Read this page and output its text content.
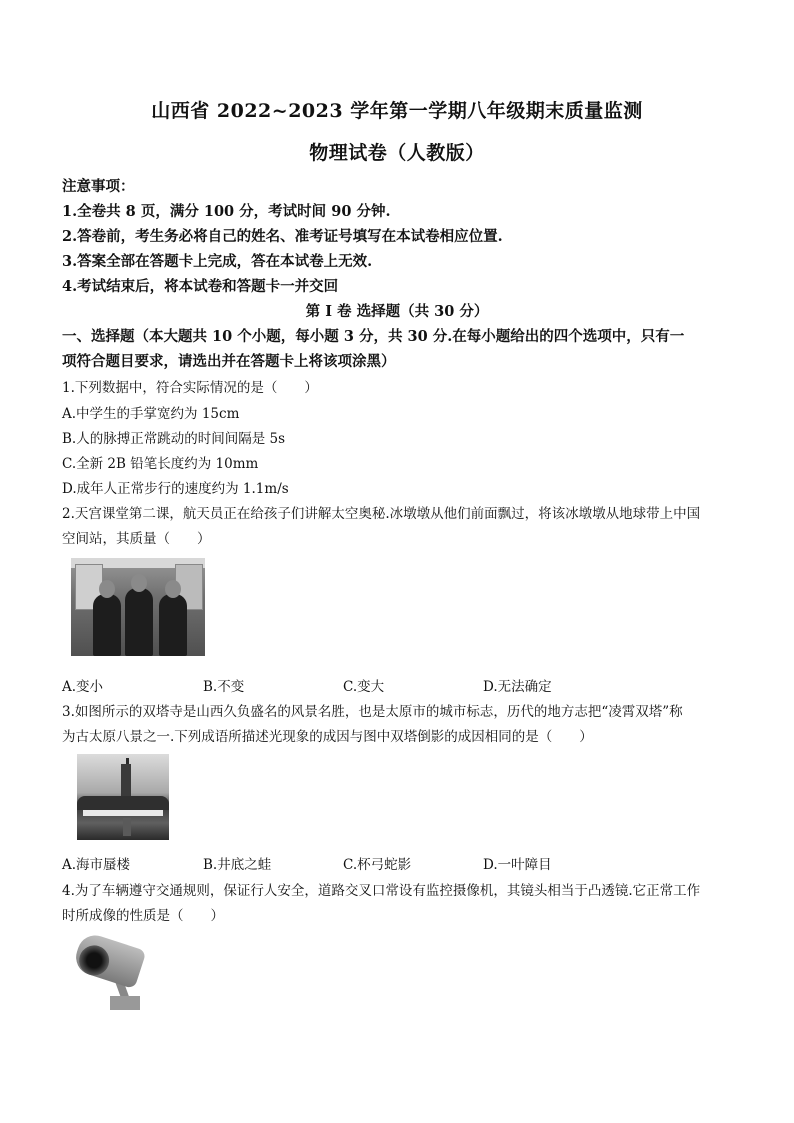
山西省 2022~2023 学年第一学期八年级期末质量监测
物理试卷（人教版）
注意事项：
1.全卷共 8 页，满分 100 分，考试时间 90 分钟.
2.答卷前，考生务必将自己的姓名、准考证号填写在本试卷相应位置.
3.答案全部在答题卡上完成，答在本试卷上无效.
4.考试结束后，将本试卷和答题卡一并交回
第 I 卷 选择题（共 30 分）
一、选择题（本大题共 10 个小题，每小题 3 分，共 30 分.在每小题给出的四个选项中，只有一
项符合题目要求，请选出并在答题卡上将该项涂黑）
1.下列数据中，符合实际情况的是（　　）
A.中学生的手掌宽约为 15cm
B.人的脉搏正常跳动的时间间隔是 5s
C.全新 2B 铅笔长度约为 10mm
D.成年人正常步行的速度约为 1.1m/s
2.天宫课堂第二课，航天员正在给孩子们讲解太空奥秘.冰墩墩从他们前面飘过，将该冰墩墩从地球带上中国
空间站，其质量（　　）
A.变小	B.不变	C.变大	D.无法确定
3.如图所示的双塔寺是山西久负盛名的风景名胜，也是太原市的城市标志，历代的地方志把“凌霄双塔”称
为古太原八景之一.下列成语所描述光现象的成因与图中双塔倒影的成因相同的是（　　）
A.海市蜃楼	B.井底之蛙	C.杯弓蛇影	D.一叶障目
4.为了车辆遵守交通规则，保证行人安全，道路交叉口常设有监控摄像机，其镜头相当于凸透镜.它正常工作
时所成像的性质是（　　）
